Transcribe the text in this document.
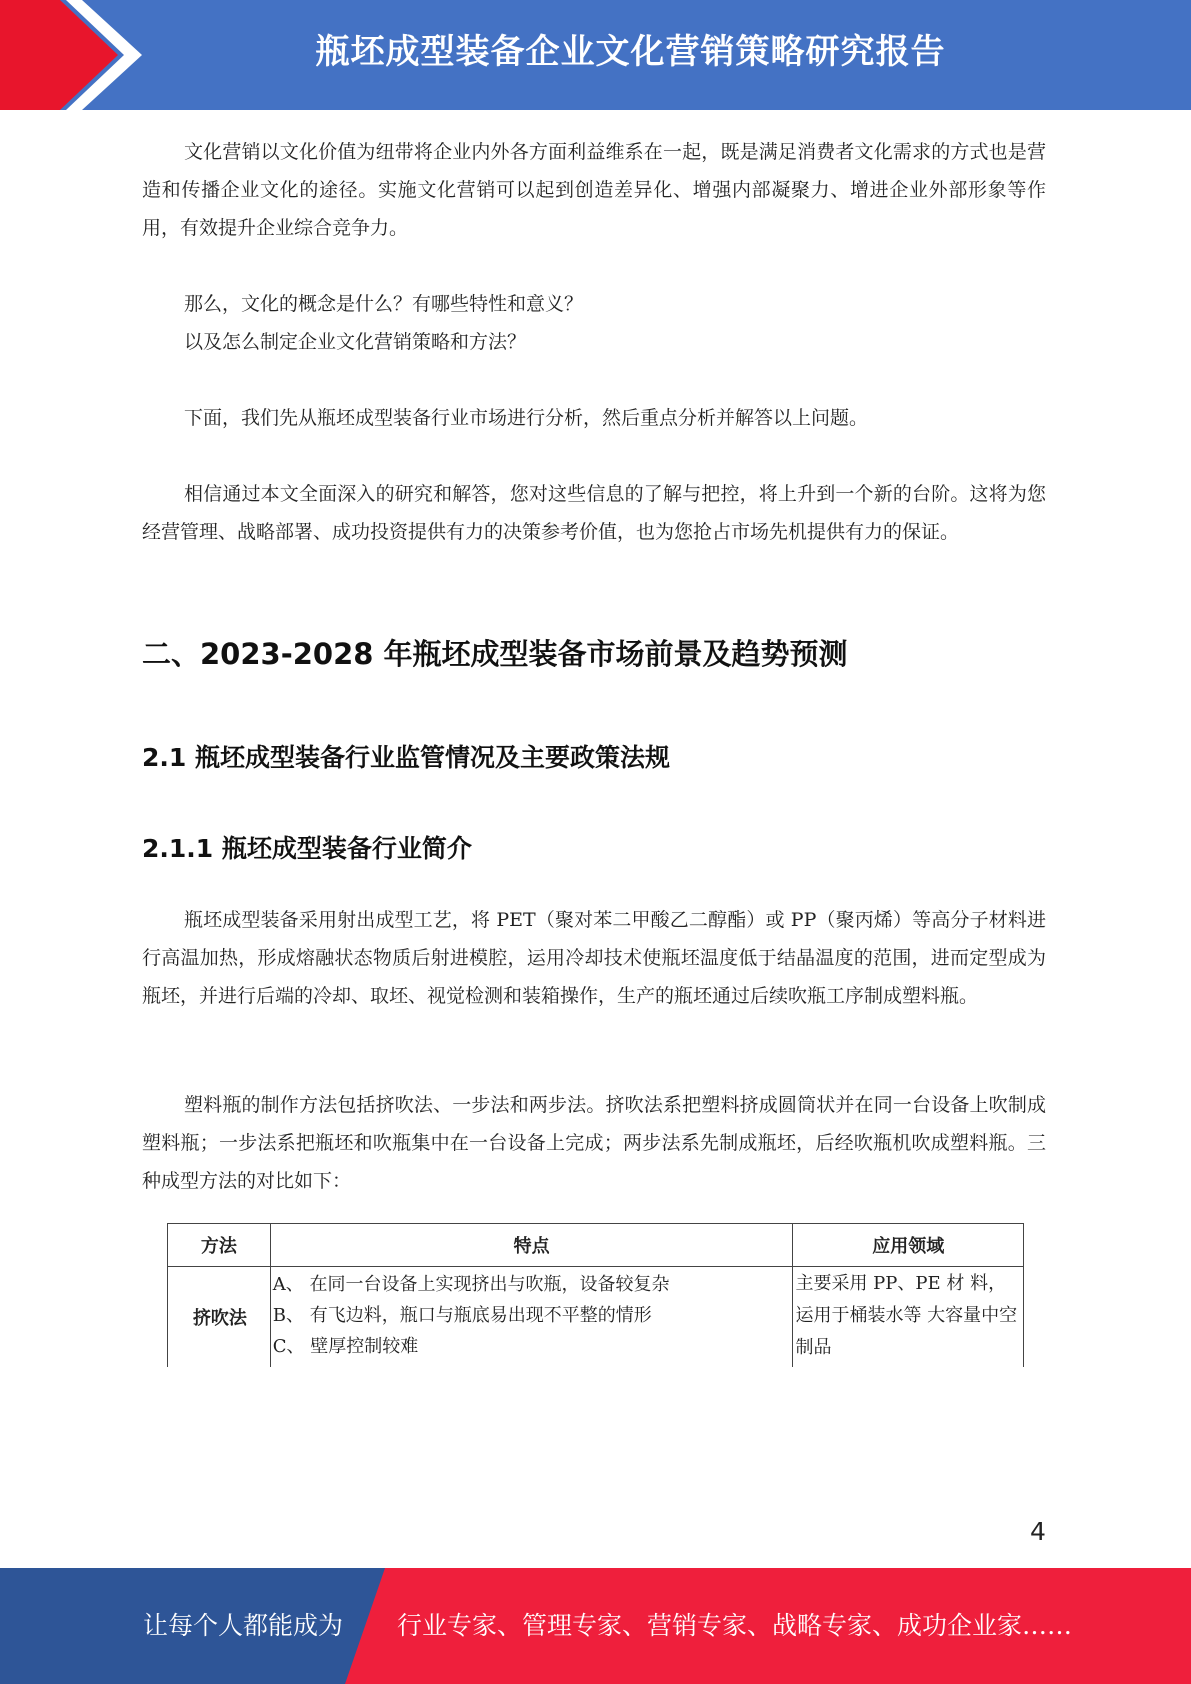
瓶坯成型装备企业文化营销策略研究报告

文化营销以文化价值为纽带将企业内外各方面利益维系在一起，既是满足消费者文化需求的方式也是营造和传播企业文化的途径。实施文化营销可以起到创造差异化、增强内部凝聚力、增进企业外部形象等作用，有效提升企业综合竞争力。

那么，文化的概念是什么？有哪些特性和意义？

以及怎么制定企业文化营销策略和方法？

下面，我们先从瓶坯成型装备行业市场进行分析，然后重点分析并解答以上问题。

相信通过本文全面深入的研究和解答，您对这些信息的了解与把控，将上升到一个新的台阶。这将为您经营管理、战略部署、成功投资提供有力的决策参考价值，也为您抢占市场先机提供有力的保证。

二、2023-2028 年瓶坯成型装备市场前景及趋势预测
2.1 瓶坯成型装备行业监管情况及主要政策法规
2.1.1 瓶坯成型装备行业简介

瓶坯成型装备采用射出成型工艺，将 PET（聚对苯二甲酸乙二醇酯）或 PP（聚丙烯）等高分子材料进行高温加热，形成熔融状态物质后射进模腔，运用冷却技术使瓶坯温度低于结晶温度的范围，进而定型成为瓶坯，并进行后端的冷却、取坯、视觉检测和装箱操作，生产的瓶坯通过后续吹瓶工序制成塑料瓶。

塑料瓶的制作方法包括挤吹法、一步法和两步法。挤吹法系把塑料挤成圆筒状并在同一台设备上吹制成塑料瓶；一步法系把瓶坯和吹瓶集中在一台设备上完成；两步法系先制成瓶坯，后经吹瓶机吹成塑料瓶。三种成型方法的对比如下：

方法	特点	应用领域
挤吹法	A、 在同一台设备上实现挤出与吹瓶，设备较复杂
B、 有飞边料，瓶口与瓶底易出现不平整的情形
C、 壁厚控制较难	主要采用 PP、PE 材 料，运用于桶装水等 大容量中空制品
4
让每个人都能成为 行业专家、管理专家、营销专家、战略专家、成功企业家……
